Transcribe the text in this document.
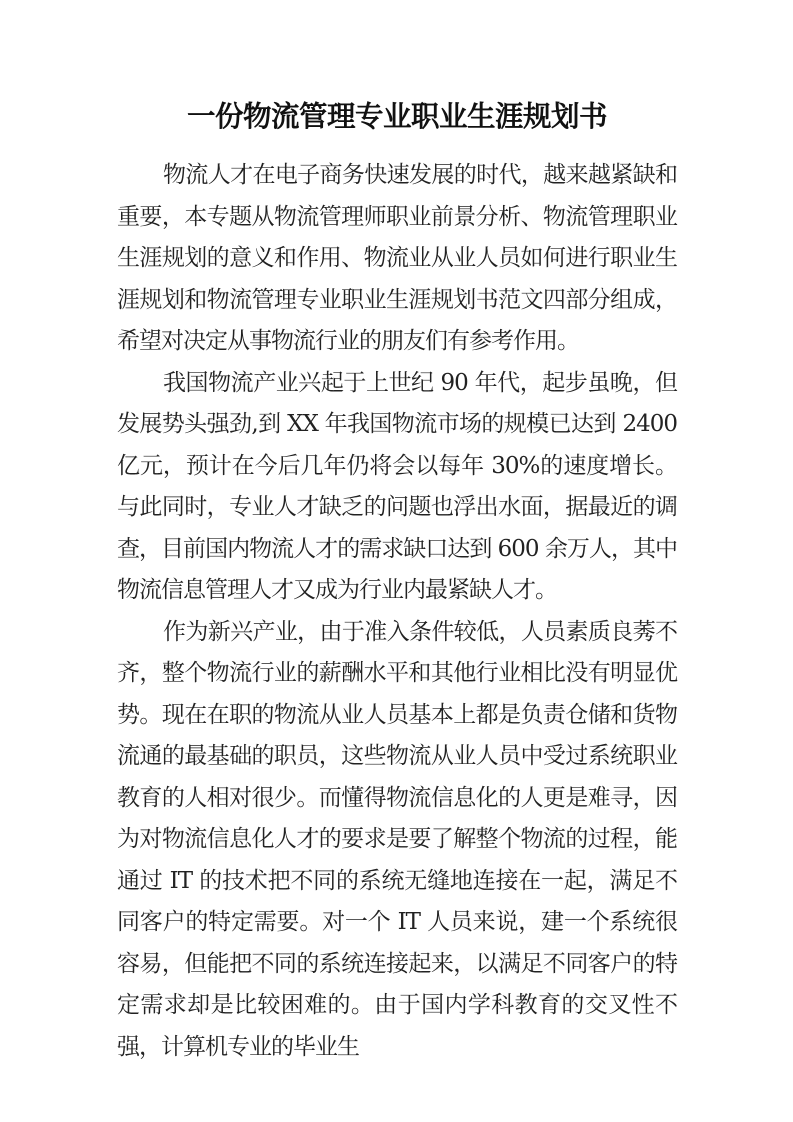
一份物流管理专业职业生涯规划书

物流人才在电子商务快速发展的时代，越来越紧缺和重要，本专题从物流管理师职业前景分析、物流管理职业生涯规划的意义和作用、物流业从业人员如何进行职业生涯规划和物流管理专业职业生涯规划书范文四部分组成，希望对决定从事物流行业的朋友们有参考作用。

我国物流产业兴起于上世纪 90 年代，起步虽晚，但发展势头强劲,到 XX 年我国物流市场的规模已达到 2400 亿元，预计在今后几年仍将会以每年 30%的速度增长。与此同时，专业人才缺乏的问题也浮出水面，据最近的调查，目前国内物流人才的需求缺口达到 600 余万人，其中物流信息管理人才又成为行业内最紧缺人才。

作为新兴产业，由于准入条件较低，人员素质良莠不齐，整个物流行业的薪酬水平和其他行业相比没有明显优势。现在在职的物流从业人员基本上都是负责仓储和货物流通的最基础的职员，这些物流从业人员中受过系统职业教育的人相对很少。而懂得物流信息化的人更是难寻，因为对物流信息化人才的要求是要了解整个物流的过程，能通过 IT 的技术把不同的系统无缝地连接在一起，满足不同客户的特定需要。对一个 IT 人员来说，建一个系统很容易，但能把不同的系统连接起来，以满足不同客户的特定需求却是比较困难的。由于国内学科教育的交叉性不强，计算机专业的毕业生
